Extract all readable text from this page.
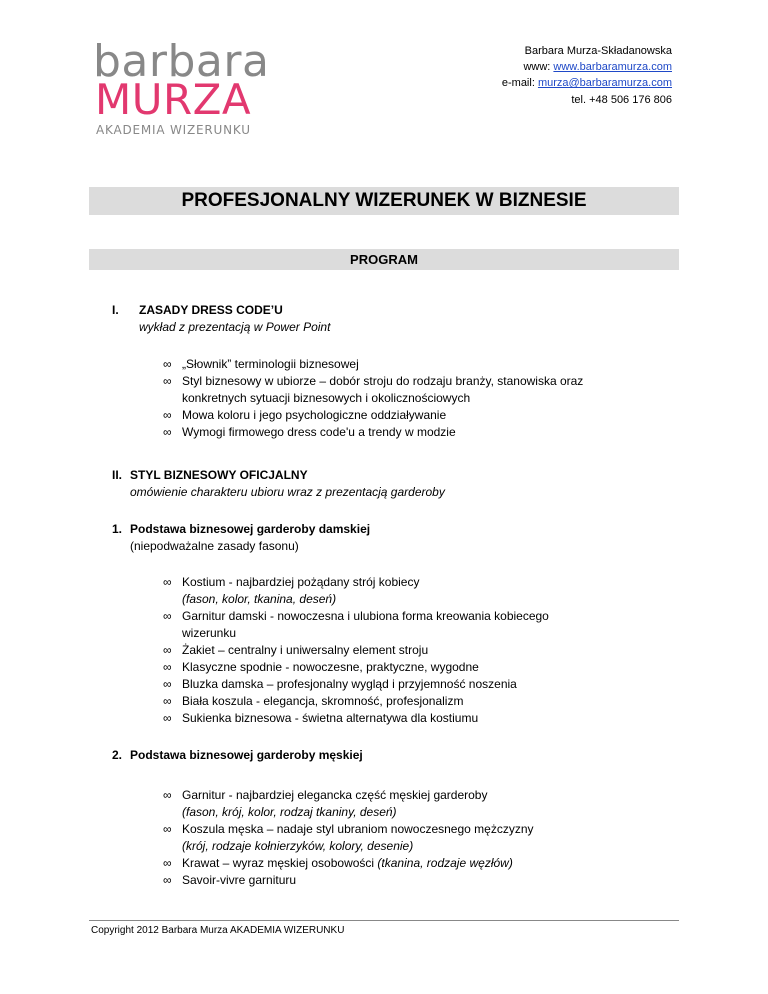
barbara
MURZA
AKADEMIA WIZERUNKU
Barbara Murza-Składanowska
www: www.barbaramurza.com
e-mail: murza@barbaramurza.com
tel. +48 506 176 806
PROFESJONALNY WIZERUNEK W BIZNESIE
PROGRAM
I. ZASADY DRESS CODE’U
wykład z prezentacją w Power Point
∞ „Słownik” terminologii biznesowej
∞ Styl biznesowy w ubiorze – dobór stroju do rodzaju branży, stanowiska oraz
konkretnych sytuacji biznesowych i okolicznościowych
∞ Mowa koloru i jego psychologiczne oddziaływanie
∞ Wymogi firmowego dress code'u a trendy w modzie
II. STYL BIZNESOWY OFICJALNY
omówienie charakteru ubioru wraz z prezentacją garderoby
1. Podstawa biznesowej garderoby damskiej
(niepodważalne zasady fasonu)
∞ Kostium - najbardziej pożądany strój kobiecy
(fason, kolor, tkanina, deseń)
∞ Garnitur damski - nowoczesna i ulubiona forma kreowania kobiecego
wizerunku
∞ Żakiet – centralny i uniwersalny element stroju
∞ Klasyczne spodnie - nowoczesne, praktyczne, wygodne
∞ Bluzka damska – profesjonalny wygląd i przyjemność noszenia
∞ Biała koszula - elegancja, skromność, profesjonalizm
∞ Sukienka biznesowa - świetna alternatywa dla kostiumu
2. Podstawa biznesowej garderoby męskiej
∞ Garnitur - najbardziej elegancka część męskiej garderoby
(fason, krój, kolor, rodzaj tkaniny, deseń)
∞ Koszula męska – nadaje styl ubraniom nowoczesnego mężczyzny
(krój, rodzaje kołnierzyków, kolory, desenie)
∞ Krawat – wyraz męskiej osobowości (tkanina, rodzaje węzłów)
∞ Savoir-vivre garnituru
Copyright 2012 Barbara Murza AKADEMIA WIZERUNKU
